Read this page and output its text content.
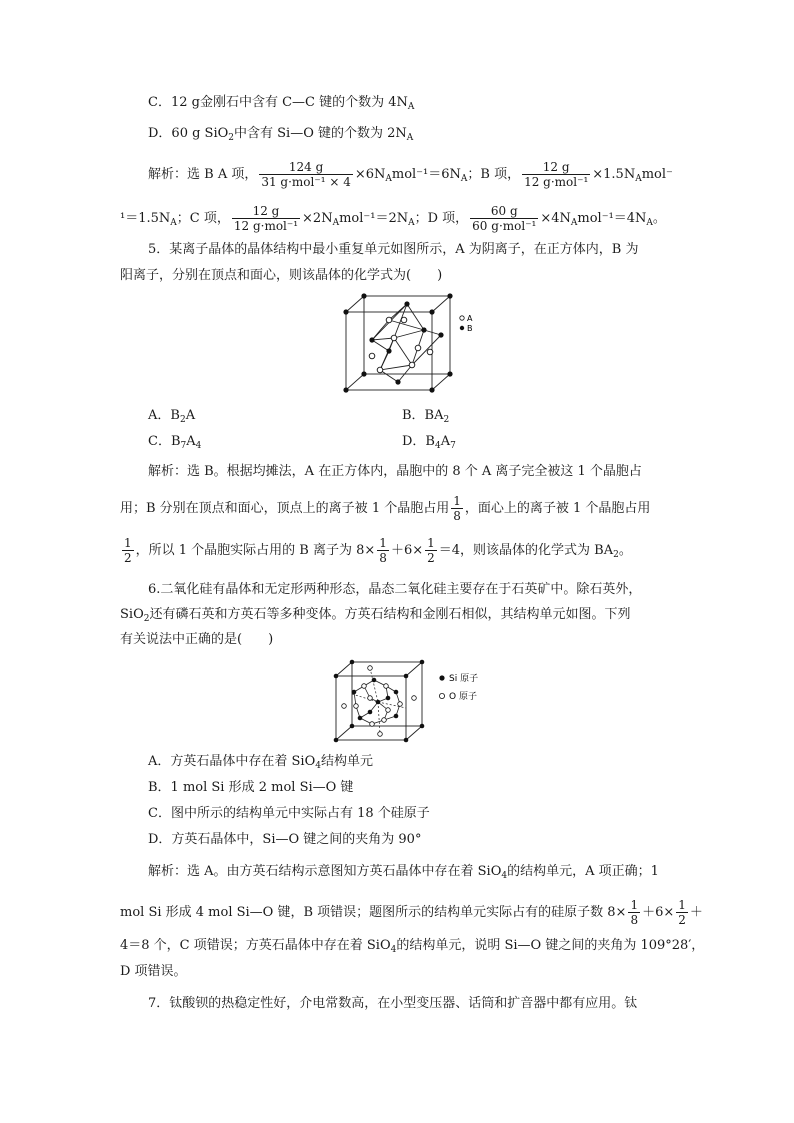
C．12 g金刚石中含有 C—C 键的个数为 $4N_A$
D．60 g SiO$_2$中含有 Si—O 键的个数为 $2N_A$
解析：选 B A 项， $\frac{124 g}{\text{31 g·mol⁻¹ × 4}} \times 6N_Amol^{-1}=6N_A$；B 项， $\frac{12 g}{\text{12 g·mol⁻¹}} \times 1.5N_Amol^-$
$^1=1.5N_A$；C 项， $\frac{12 g}{\text{12 g·mol⁻¹}} \times 2N_Amol^{-1}=2N_A$；D 项， $\frac{60 g}{\text{60 g·mol⁻¹}} \times 4N_Amol^{-1}=4N_A$。
5．某离子晶体的晶体结构中最小重复单元如图所示，A 为阴离子，在正方体内，B 为
阳离子，分别在顶点和面心，则该晶体的化学式为(　　)
A
B
A．$B_2A$	B．$BA_2$
C．$B_7A_4$	D．$B_4A_7$
解析：选 B。根据均摊法，A 在正方体内，晶胞中的 8 个 A 离子完全被这 1 个晶胞占
用；B 分别在顶点和面心，顶点上的离子被 1 个晶胞占用 $\frac{1}{8}$ ，面心上的离子被 1 个晶胞占用
$\frac{1}{2}$ ，所以 1 个晶胞实际占用的 B 离子为 $8\times \frac{1}{8} +6\times \frac{1}{2} =4$，则该晶体的化学式为 $BA_2$。
6.二氧化硅有晶体和无定形两种形态，晶态二氧化硅主要存在于石英矿中。除石英外，
SiO$_2$还有磷石英和方英石等多种变体。方英石结构和金刚石相似，其结构单元如图。下列
有关说法中正确的是(　　)
Si 原子
O 原子
A．方英石晶体中存在着 SiO$_4$结构单元
B．1 mol Si 形成 2 mol Si—O 键
C．图中所示的结构单元中实际占有 18 个硅原子
D．方英石晶体中，Si—O 键之间的夹角为 90°
解析：选 A。由方英石结构示意图知方英石晶体中存在着 SiO$_4$的结构单元，A 项正确；1
mol Si 形成 4 mol Si—O 键，B 项错误；题图所示的结构单元实际占有的硅原子数 $8\times \frac{1}{8} +6\times \frac{1}{2}$ ＋
4＝8 个，C 项错误；方英石晶体中存在着 SiO$_4$的结构单元，说明 Si—O 键之间的夹角为 109°28′，
D 项错误。
7．钛酸钡的热稳定性好，介电常数高，在小型变压器、话筒和扩音器中都有应用。钛
